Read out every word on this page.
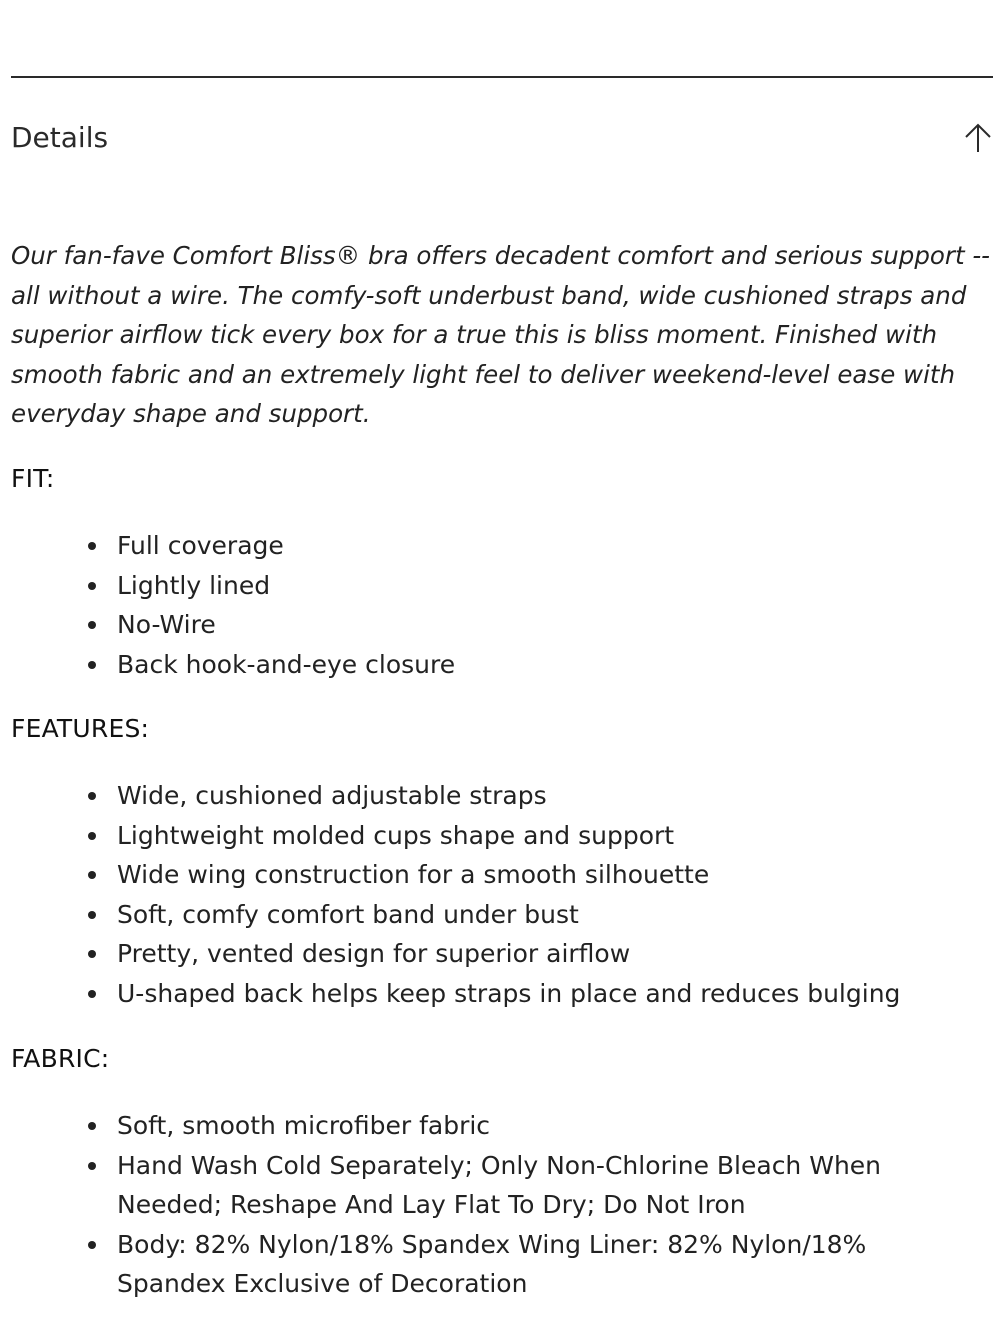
Details

Our fan-fave Comfort Bliss® bra offers decadent comfort and serious support -- all without a wire. The comfy-soft underbust band, wide cushioned straps and superior airflow tick every box for a true this is bliss moment. Finished with smooth fabric and an extremely light feel to deliver weekend-level ease with everyday shape and support.

FIT:
Full coverage
Lightly lined
No-Wire
Back hook-and-eye closure
FEATURES:
Wide, cushioned adjustable straps
Lightweight molded cups shape and support
Wide wing construction for a smooth silhouette
Soft, comfy comfort band under bust
Pretty, vented design for superior airflow
U-shaped back helps keep straps in place and reduces bulging
FABRIC:
Soft, smooth microfiber fabric
Hand Wash Cold Separately; Only Non-Chlorine Bleach When Needed; Reshape And Lay Flat To Dry; Do Not Iron
Body: 82% Nylon/18% Spandex Wing Liner: 82% Nylon/18% Spandex Exclusive of Decoration
